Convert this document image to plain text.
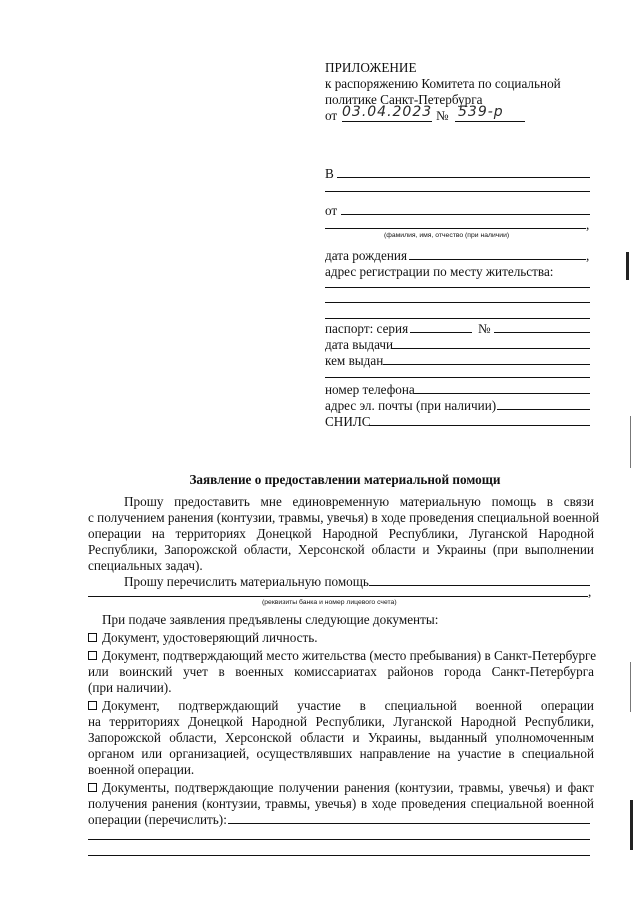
ПРИЛОЖЕНИЕ
к распоряжению Комитета по социальной
политике Санкт-Петербурга
от 03.04.2023 № 539-р
В
от
,
(фамилия, имя, отчество (при наличии)
дата рождения	,
адрес регистрации по месту жительства:
паспорт: серия	№
дата выдачи
кем выдан
номер телефона
адрес эл. почты (при наличии)
СНИЛС
Заявление о предоставлении материальной помощи
Прошу предоставить мне единовременную материальную помощь в связи
с получением ранения (контузии, травмы, увечья) в ходе проведения специальной военной
операции на территориях Донецкой Народной Республики, Луганской Народной
Республики, Запорожской области, Херсонской области и Украины (при выполнении
специальных задач).
Прошу перечислить материальную помощь
,
(реквизиты банка и номер лицевого счета)
При подаче заявления предъявлены следующие документы:
Документ, удостоверяющий личность.
Документ, подтверждающий место жительства (место пребывания) в Санкт-Петербурге
или воинский учет в военных комиссариатах районов города Санкт-Петербурга
(при наличии).
Документ, подтверждающий участие в специальной военной операции
на территориях Донецкой Народной Республики, Луганской Народной Республики,
Запорожской области, Херсонской области и Украины, выданный уполномоченным
органом или организацией, осуществлявших направление на участие в специальной
военной операции.
Документы, подтверждающие получении ранения (контузии, травмы, увечья) и факт
получения ранения (контузии, травмы, увечья) в ходе проведения специальной военной
операции (перечислить):
